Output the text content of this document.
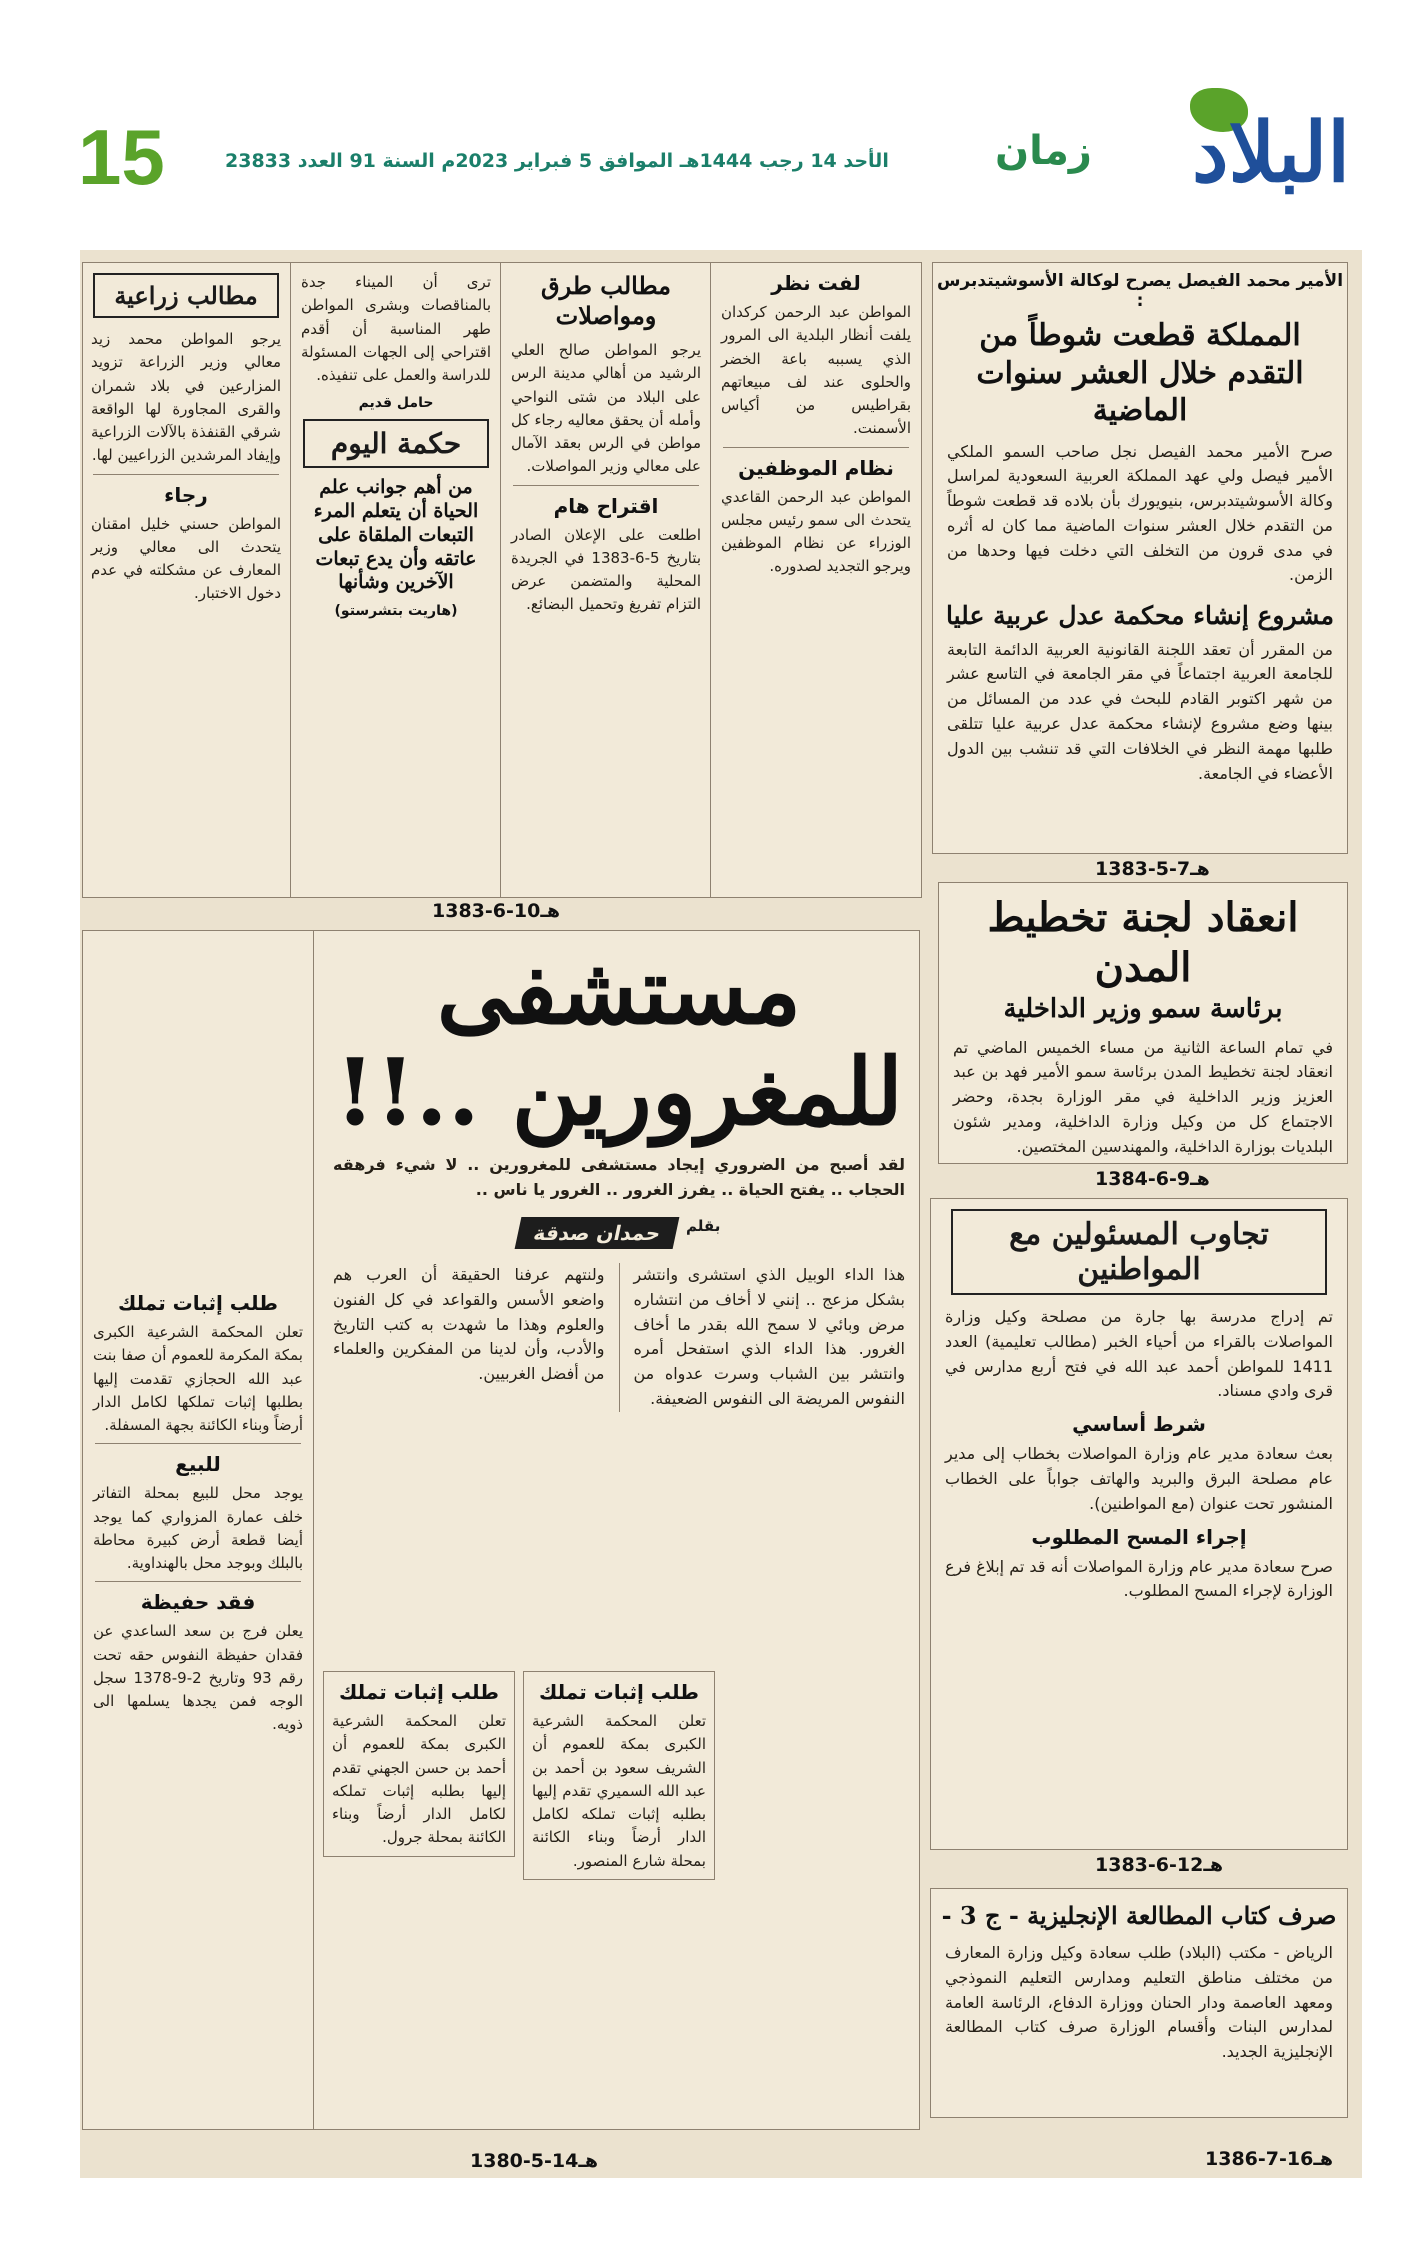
15	الأحد 14 رجب 1444هـ الموافق 5 فبراير 2023م السنة 91 العدد 23833	زمان البلاد
الأمير محمد الفيصل يصرح لوكالة الأسوشيتدبرس :
المملكة قطعت شوطاً من التقدم خلال العشر سنوات الماضية
صرح الأمير محمد الفيصل نجل صاحب السمو الملكي الأمير فيصل ولي عهد المملكة العربية السعودية لمراسل وكالة الأسوشيتدبرس، بنيويورك بأن بلاده قد قطعت شوطاً من التقدم خلال العشر سنوات الماضية مما كان له أثره في مدى قرون من التخلف التي دخلت فيها وحدها من الزمن.
مشروع إنشاء محكمة عدل عربية عليا
من المقرر أن تعقد اللجنة القانونية العربية الدائمة التابعة للجامعة العربية اجتماعاً في مقر الجامعة في التاسع عشر من شهر اكتوبر القادم للبحث في عدد من المسائل من بينها وضع مشروع لإنشاء محكمة عدل عربية عليا تتلقى طلبها مهمة النظر في الخلافات التي قد تنشب بين الدول الأعضاء في الجامعة.
1383-5-7هـ
انعقاد لجنة تخطيط المدن
برئاسة سمو وزير الداخلية
في تمام الساعة الثانية من مساء الخميس الماضي تم انعقاد لجنة تخطيط المدن برئاسة سمو الأمير فهد بن عبد العزيز وزير الداخلية في مقر الوزارة بجدة، وحضر الاجتماع كل من وكيل وزارة الداخلية، ومدير شئون البلديات بوزارة الداخلية، والمهندسين المختصين.
1384-6-9هـ
تجاوب المسئولين مع المواطنين
تم إدراج مدرسة بها جارة من مصلحة وكيل وزارة المواصلات بالقراء من أحياء الخبر (مطالب تعليمية) العدد 1411 للمواطن أحمد عبد الله في فتح أربع مدارس في قرى وادي مسناد.
شرط أساسي
بعث سعادة مدير عام وزارة المواصلات بخطاب إلى مدير عام مصلحة البرق والبريد والهاتف جواباً على الخطاب المنشور تحت عنوان (مع المواطنين).
إجراء المسح المطلوب
صرح سعادة مدير عام وزارة المواصلات أنه قد تم إبلاغ فرع الوزارة لإجراء المسح المطلوب.
1383-6-12هـ
صرف كتاب المطالعة الإنجليزية - ج 3 -
الرياض - مكتب (البلاد) طلب سعادة وكيل وزارة المعارف من مختلف مناطق التعليم ومدارس التعليم النموذجي ومعهد العاصمة ودار الحنان ووزارة الدفاع، الرئاسة العامة لمدارس البنات وأقسام الوزارة صرف كتاب المطالعة الإنجليزية الجديد.
1386-7-16هـ
لفت نظر
المواطن عبد الرحمن كركدان يلفت أنظار البلدية الى المرور الذي يسببه باعة الخضر والحلوى عند لف مبيعاتهم بقراطيس من أكياس الأسمنت.
نظام الموظفين
المواطن عبد الرحمن القاعدي يتحدث الى سمو رئيس مجلس الوزراء عن نظام الموظفين ويرجو التجديد لصدوره.
مطالب طرق ومواصلات
يرجو المواطن صالح العلي الرشيد من أهالي مدينة الرس على البلاد من شتى النواحي وأمله أن يحقق معاليه رجاء كل مواطن في الرس بعقد الآمال على معالي وزير المواصلات.
اقتراح هام
اطلعت على الإعلان الصادر بتاريخ 5-6-1383 في الجريدة المحلية والمتضمن عرض التزام تفريغ وتحميل البضائع.
ترى أن الميناء جدة بالمناقصات وبشرى المواطن طهر المناسبة أن أقدم اقتراحي إلى الجهات المسئولة للدراسة والعمل على تنفيذه.
حامل قديم
حكمة اليوم
من أهم جوانب علم الحياة أن يتعلم المرء التبعات الملقاة على عاتقه وأن يدع تبعات الآخرين وشأنها
(هاريت بتشرستو)
مطالب زراعية
يرجو المواطن محمد زيد معالي وزير الزراعة تزويد المزارعين في بلاد شمران والقرى المجاورة لها الواقعة شرقي القنفذة بالآلات الزراعية وإيفاد المرشدين الزراعيين لها.
رجاء
المواطن حسني خليل امقنان يتحدث الى معالي وزير المعارف عن مشكلته في عدم دخول الاختبار.
1383-6-10هـ
مستشفى للمغرورين ..!!
لقد أصبح من الضروري إيجاد مستشفى للمغرورين .. لا شيء فرهقه الحجاب .. يفتح الحياة .. يفرز الغرور .. الغرور يا ناس ..
بقلم
حمدان صدقة
هذا الداء الوبيل الذي استشرى وانتشر بشكل مزعج .. إنني لا أخاف من انتشاره مرض وبائي لا سمح الله بقدر ما أخاف الغرور. هذا الداء الذي استفحل أمره وانتشر بين الشباب وسرت عدواه من النفوس المريضة الى النفوس الضعيفة.
ولنتهم عرفنا الحقيقة أن العرب هم واضعو الأسس والقواعد في كل الفنون والعلوم وهذا ما شهدت به كتب التاريخ والأدب، وأن لدينا من المفكرين والعلماء من أفضل الغربيين.
طلب إثبات تملك
تعلن المحكمة الشرعية الكبرى بمكة المكرمة للعموم أن صفا بنت عبد الله الحجازي تقدمت إليها بطلبها إثبات تملكها لكامل الدار أرضاً وبناء الكائنة بجهة المسفلة.
للبيع
يوجد محل للبيع بمحلة التفاتر خلف عمارة المزواري كما يوجد أيضا قطعة أرض كبيرة محاطة بالبلك وبوجد محل بالهنداوية.
فقد حفيظة
يعلن فرج بن سعد الساعدي عن فقدان حفيظة النفوس حقه تحت رقم 93 وتاريخ 2-9-1378 سجل الوجه فمن يجدها يسلمها الى ذويه.
طلب إثبات تملك
تعلن المحكمة الشرعية الكبرى بمكة للعموم أن أحمد بن حسن الجهني تقدم إليها بطلبه إثبات تملكه لكامل الدار أرضاً وبناء الكائنة بمحلة جرول.
طلب إثبات تملك
تعلن المحكمة الشرعية الكبرى بمكة للعموم أن الشريف سعود بن أحمد بن عبد الله السميري تقدم إليها بطلبه إثبات تملكه لكامل الدار أرضاً وبناء الكائنة بمحلة شارع المنصور.
1380-5-14هـ
